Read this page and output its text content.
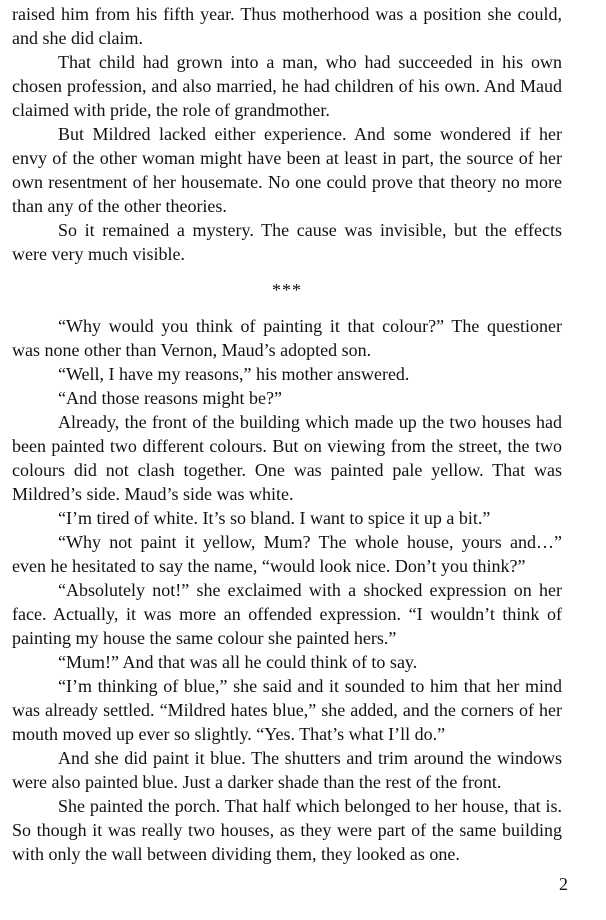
raised him from his fifth year. Thus motherhood was a position she could, and she did claim.

That child had grown into a man, who had succeeded in his own chosen profession, and also married, he had children of his own. And Maud claimed with pride, the role of grandmother.

But Mildred lacked either experience. And some wondered if her envy of the other woman might have been at least in part, the source of her own resentment of her housemate. No one could prove that theory no more than any of the other theories.

So it remained a mystery. The cause was invisible, but the effects were very much visible.

***

“Why would you think of painting it that colour?” The questioner was none other than Vernon, Maud’s adopted son.

“Well, I have my reasons,” his mother answered.

“And those reasons might be?”

Already, the front of the building which made up the two houses had been painted two different colours. But on viewing from the street, the two colours did not clash together. One was painted pale yellow. That was Mildred’s side. Maud’s side was white.

“I’m tired of white. It’s so bland. I want to spice it up a bit.”

“Why not paint it yellow, Mum? The whole house, yours and…” even he hesitated to say the name, “would look nice. Don’t you think?”

“Absolutely not!” she exclaimed with a shocked expression on her face. Actually, it was more an offended expression. “I wouldn’t think of painting my house the same colour she painted hers.”

“Mum!” And that was all he could think of to say.

“I’m thinking of blue,” she said and it sounded to him that her mind was already settled. “Mildred hates blue,” she added, and the corners of her mouth moved up ever so slightly. “Yes. That’s what I’ll do.”

And she did paint it blue. The shutters and trim around the windows were also painted blue. Just a darker shade than the rest of the front.

She painted the porch. That half which belonged to her house, that is. So though it was really two houses, as they were part of the same building with only the wall between dividing them, they looked as one.

2
